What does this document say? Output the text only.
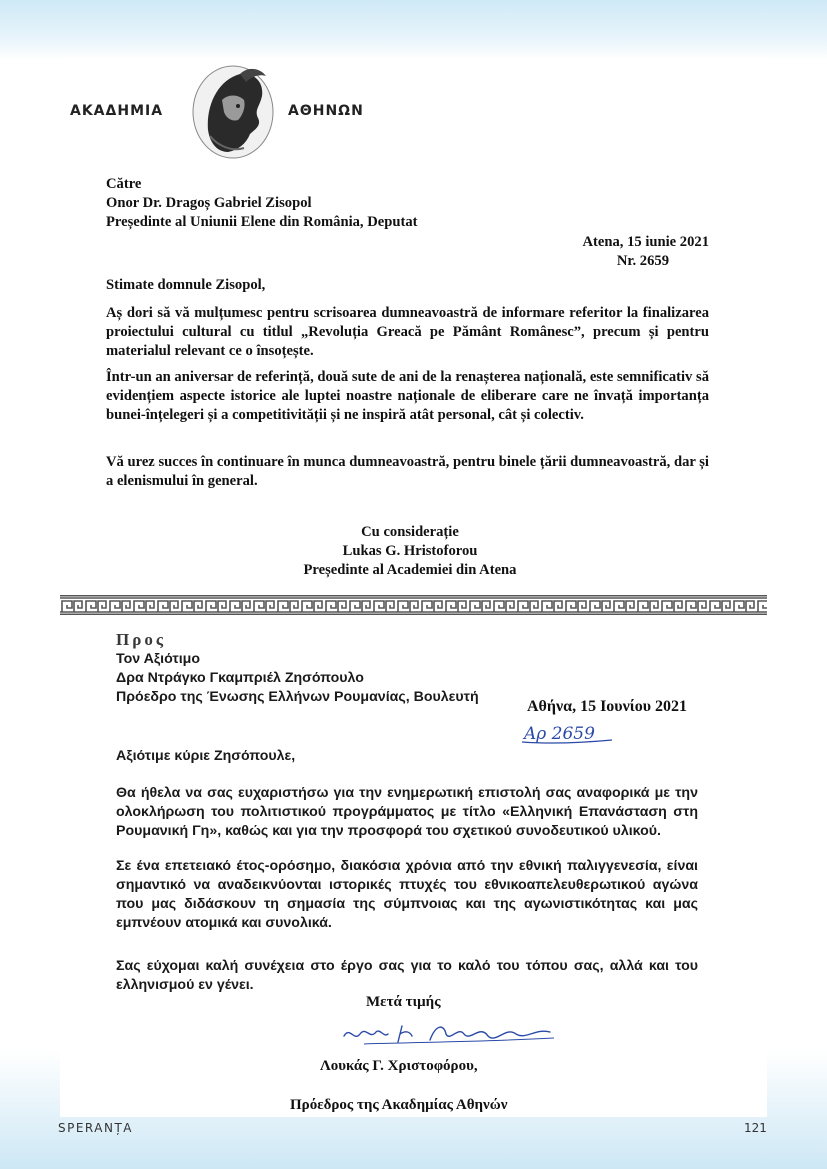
ΑΚΑΔΗΜΙΑ	ΑΘΗΝΩΝ
Către
Onor Dr. Dragoș Gabriel Zisopol
Președinte al Uniunii Elene din România, Deputat
Atena, 15 iunie 2021
Nr. 2659
Stimate domnule Zisopol,
Aș dori să vă mulțumesc pentru scrisoarea dumneavoastră de informare referitor la finalizarea proiectului cultural cu titlul „Revoluția Greacă pe Pământ Românesc”, precum și pentru materialul relevant ce o însoțește.
Într-un an aniversar de referință, două sute de ani de la renașterea națională, este semnificativ să evidențiem aspecte istorice ale luptei noastre naționale de eliberare care ne învață importanța bunei-înțelegeri și a competitivității și ne inspiră atât personal, cât și colectiv.
Vă urez succes în continuare în munca dumneavoastră, pentru binele țării dumneavoastră, dar și a elenismului în general.
Cu considerație
Lukas G. Hristoforou
Președinte al Academiei din Atena
Προς
Τον Αξιότιμο
Δρα Ντράγκο Γκαμπριέλ Ζησόπουλο
Πρόεδρο της Ένωσης Ελλήνων Ρουμανίας, Βουλευτή
Αθήνα, 15 Ιουνίου 2021
Αρ 2659
Αξιότιμε κύριε Ζησόπουλε,
Θα ήθελα να σας ευχαριστήσω για την ενημερωτική επιστολή σας αναφορικά με την ολοκλήρωση του πολιτιστικού προγράμματος με τίτλο «Ελληνική Επανάσταση στη Ρουμανική Γη», καθώς και για την προσφορά του σχετικού συνοδευτικού υλικού.
Σε ένα επετειακό έτος-ορόσημο, διακόσια χρόνια από την εθνική παλιγγενεσία, είναι σημαντικό να αναδεικνύονται ιστορικές πτυχές του εθνικοαπελευθερωτικού αγώνα που μας διδάσκουν τη σημασία της σύμπνοιας και της αγωνιστικότητας και μας εμπνέουν ατομικά και συνολικά.
Σας εύχομαι καλή συνέχεια στο έργο σας για το καλό του τόπου σας, αλλά και του ελληνισμού εν γένει.
Μετά τιμής
Λουκάς Γ. Χριστοφόρου,
Πρόεδρος της Ακαδημίας Αθηνών
SPERANȚA	121
